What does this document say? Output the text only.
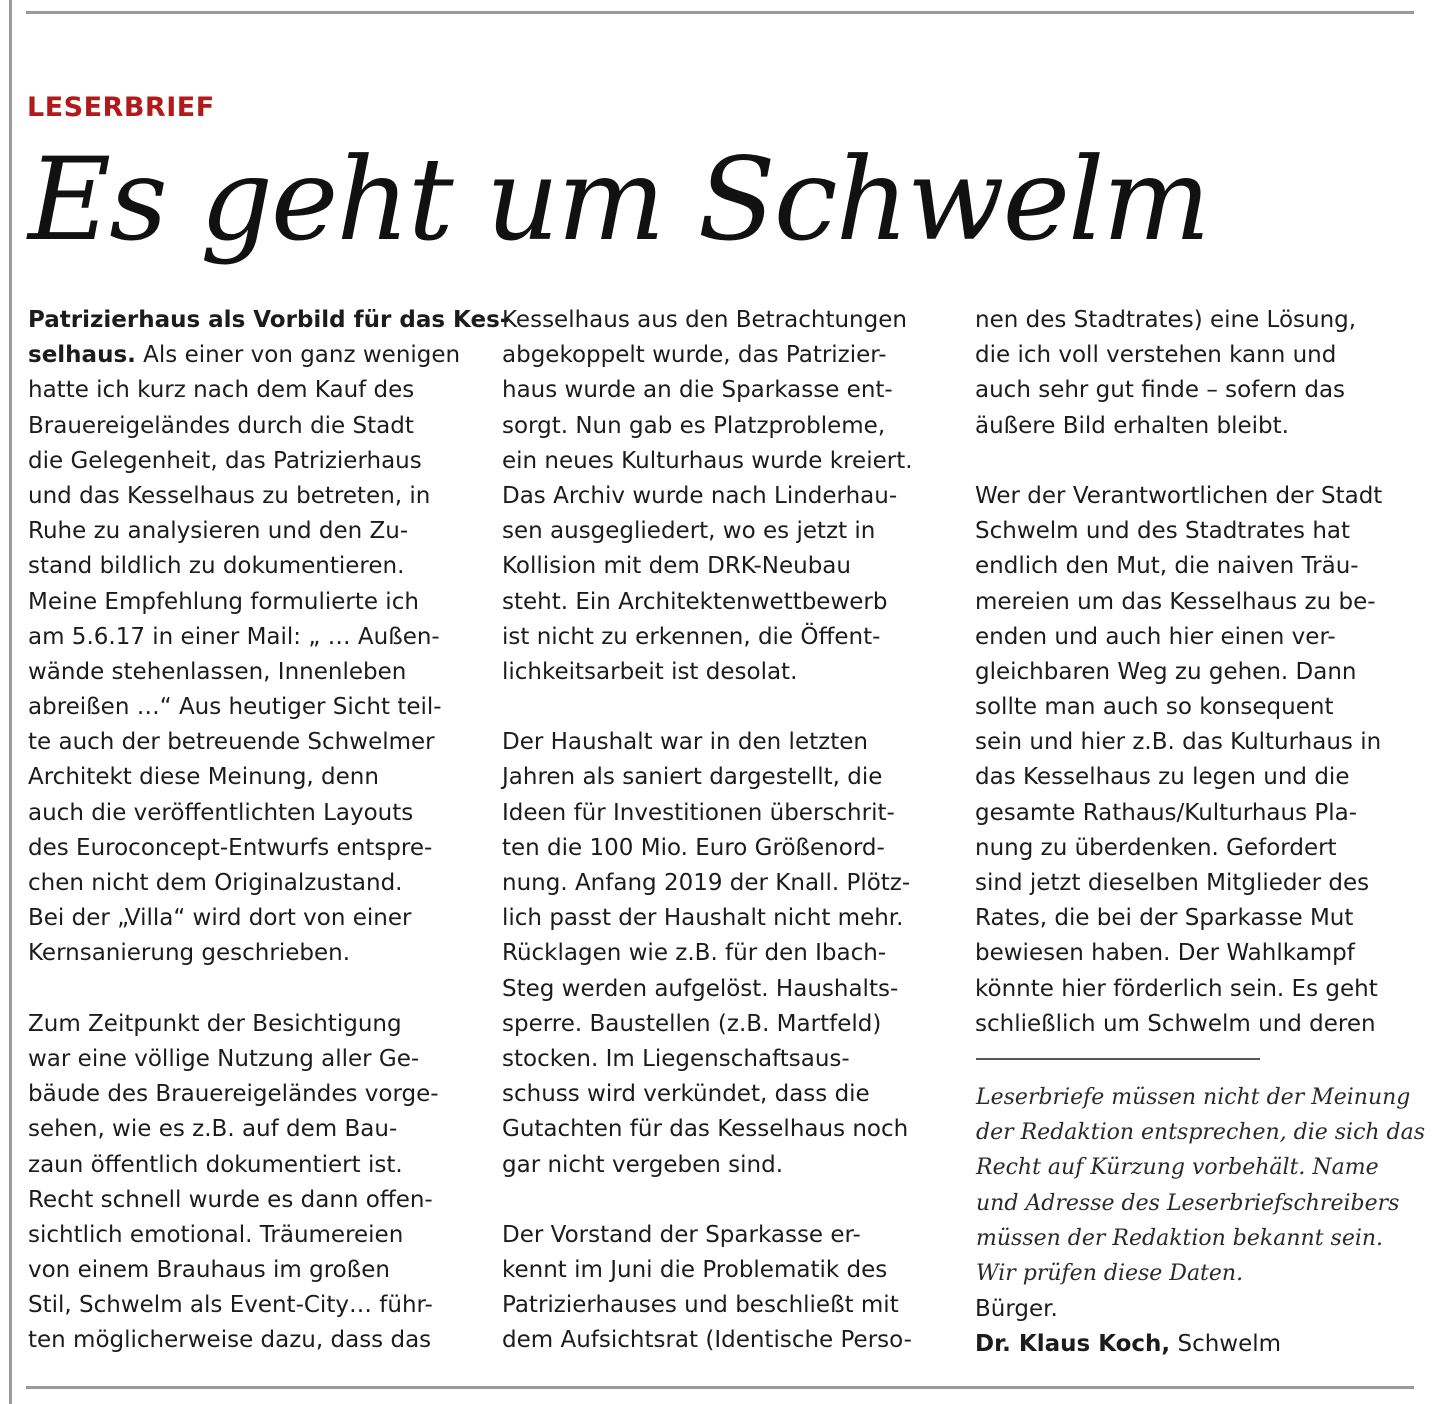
LESERBRIEF
Es geht um Schwelm
Patrizierhaus als Vorbild für das Kes-
selhaus. Als einer von ganz wenigen
hatte ich kurz nach dem Kauf des
Brauereigeländes durch die Stadt
die Gelegenheit, das Patrizierhaus
und das Kesselhaus zu betreten, in
Ruhe zu analysieren und den Zu-
stand bildlich zu dokumentieren.
Meine Empfehlung formulierte ich
am 5.6.17 in einer Mail: „ … Außen-
wände stehenlassen, Innenleben
abreißen …“ Aus heutiger Sicht teil-
te auch der betreuende Schwelmer
Architekt diese Meinung, denn
auch die veröffentlichten Layouts
des Euroconcept-Entwurfs entspre-
chen nicht dem Originalzustand.
Bei der „Villa“ wird dort von einer
Kernsanierung geschrieben.
Zum Zeitpunkt der Besichtigung
war eine völlige Nutzung aller Ge-
bäude des Brauereigeländes vorge-
sehen, wie es z.B. auf dem Bau-
zaun öffentlich dokumentiert ist.
Recht schnell wurde es dann offen-
sichtlich emotional. Träumereien
von einem Brauhaus im großen
Stil, Schwelm als Event-City… führ-
ten möglicherweise dazu, dass das
Kesselhaus aus den Betrachtungen
abgekoppelt wurde, das Patrizier-
haus wurde an die Sparkasse ent-
sorgt. Nun gab es Platzprobleme,
ein neues Kulturhaus wurde kreiert.
Das Archiv wurde nach Linderhau-
sen ausgegliedert, wo es jetzt in
Kollision mit dem DRK-Neubau
steht. Ein Architektenwettbewerb
ist nicht zu erkennen, die Öffent-
lichkeitsarbeit ist desolat.
Der Haushalt war in den letzten
Jahren als saniert dargestellt, die
Ideen für Investitionen überschrit-
ten die 100 Mio. Euro Größenord-
nung. Anfang 2019 der Knall. Plötz-
lich passt der Haushalt nicht mehr.
Rücklagen wie z.B. für den Ibach-
Steg werden aufgelöst. Haushalts-
sperre. Baustellen (z.B. Martfeld)
stocken. Im Liegenschaftsaus-
schuss wird verkündet, dass die
Gutachten für das Kesselhaus noch
gar nicht vergeben sind.
Der Vorstand der Sparkasse er-
kennt im Juni die Problematik des
Patrizierhauses und beschließt mit
dem Aufsichtsrat (Identische Perso-
nen des Stadtrates) eine Lösung,
die ich voll verstehen kann und
auch sehr gut finde – sofern das
äußere Bild erhalten bleibt.
Wer der Verantwortlichen der Stadt
Schwelm und des Stadtrates hat
endlich den Mut, die naiven Träu-
mereien um das Kesselhaus zu be-
enden und auch hier einen ver-
gleichbaren Weg zu gehen. Dann
sollte man auch so konsequent
sein und hier z.B. das Kulturhaus in
das Kesselhaus zu legen und die
gesamte Rathaus/Kulturhaus Pla-
nung zu überdenken. Gefordert
sind jetzt dieselben Mitglieder des
Rates, die bei der Sparkasse Mut
bewiesen haben. Der Wahlkampf
könnte hier förderlich sein. Es geht
schließlich um Schwelm und deren
Leserbriefe müssen nicht der Meinung
der Redaktion entsprechen, die sich das
Recht auf Kürzung vorbehält. Name
und Adresse des Leserbriefschreibers
müssen der Redaktion bekannt sein.
Wir prüfen diese Daten.
Bürger.
Dr. Klaus Koch, Schwelm
